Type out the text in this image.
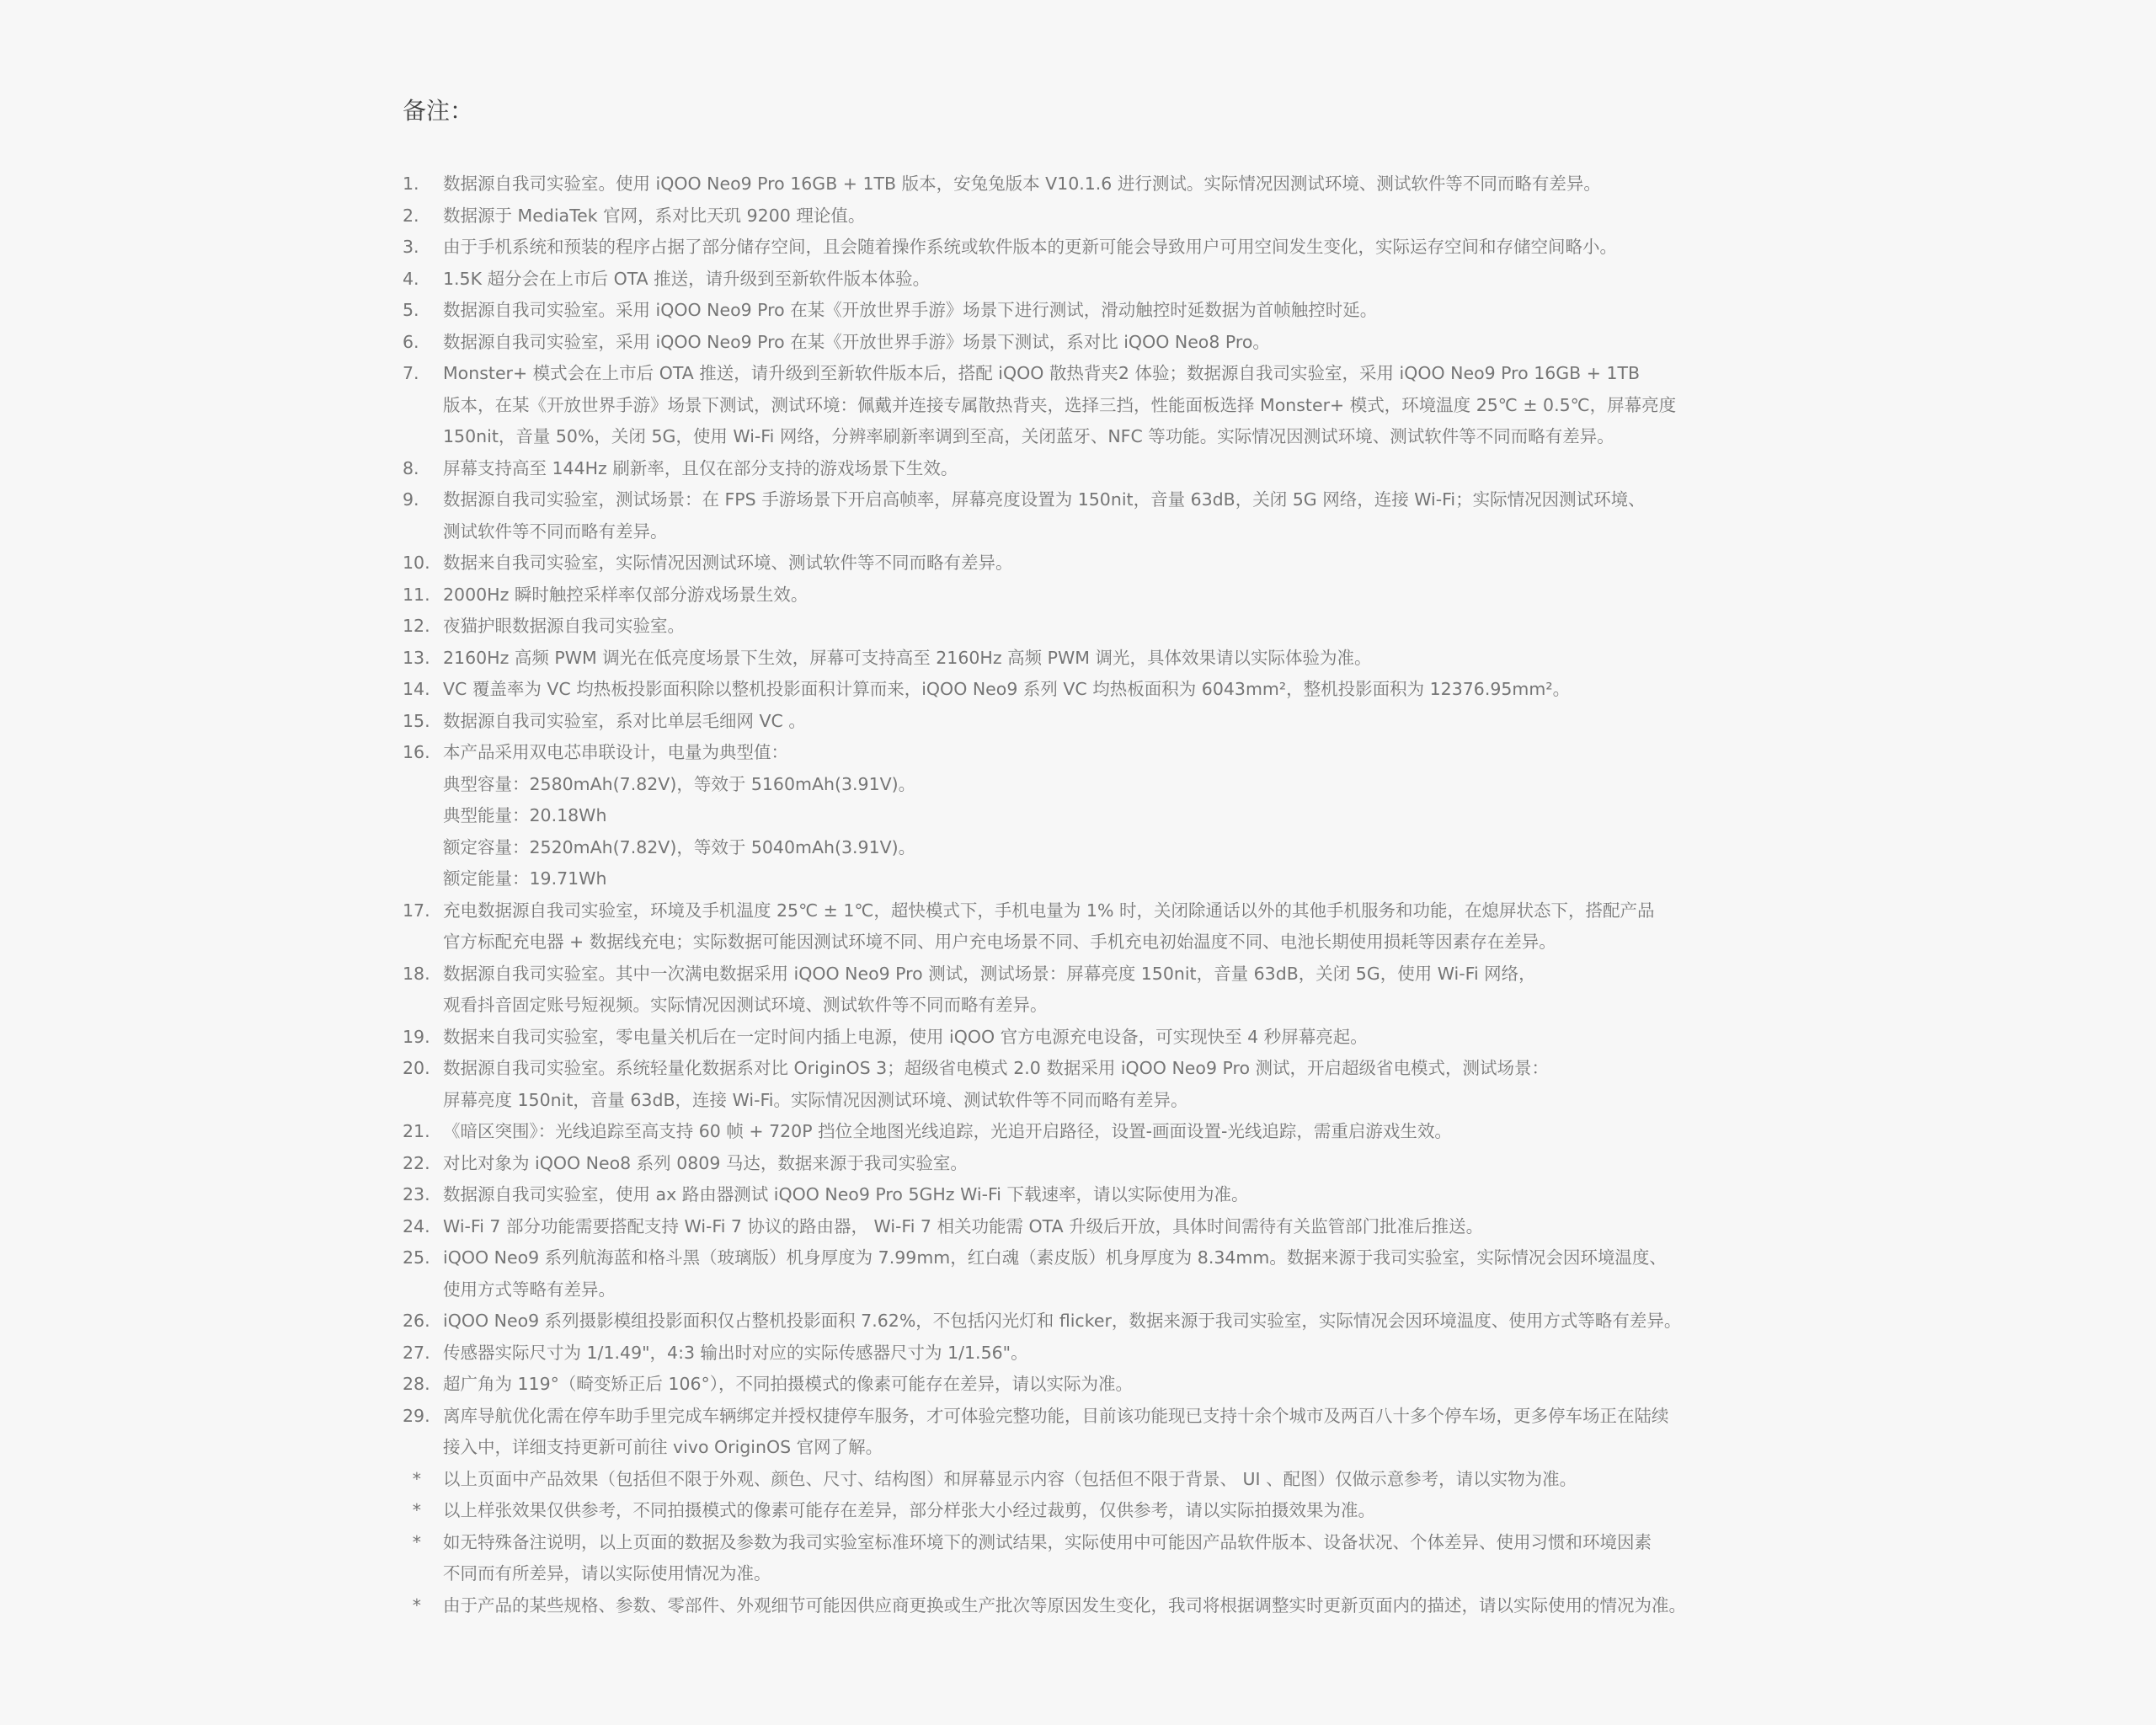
备注：
1.	数据源自我司实验室。使用 iQOO Neo9 Pro 16GB + 1TB 版本，安兔兔版本 V10.1.6 进行测试。实际情况因测试环境、测试软件等不同而略有差异。
2.	数据源于 MediaTek 官网，系对比天玑 9200 理论值。
3.	由于手机系统和预装的程序占据了部分储存空间，且会随着操作系统或软件版本的更新可能会导致用户可用空间发生变化，实际运存空间和存储空间略小。
4.	1.5K 超分会在上市后 OTA 推送，请升级到至新软件版本体验。
5.	数据源自我司实验室。采用 iQOO Neo9 Pro 在某《开放世界手游》场景下进行测试，滑动触控时延数据为首帧触控时延。
6.	数据源自我司实验室，采用 iQOO Neo9 Pro 在某《开放世界手游》场景下测试，系对比 iQOO Neo8 Pro。
7.	Monster+ 模式会在上市后 OTA 推送，请升级到至新软件版本后，搭配 iQOO 散热背夹2 体验；数据源自我司实验室，采用 iQOO Neo9 Pro 16GB + 1TB
版本，在某《开放世界手游》场景下测试，测试环境：佩戴并连接专属散热背夹，选择三挡，性能面板选择 Monster+ 模式，环境温度 25℃ ± 0.5℃，屏幕亮度
150nit，音量 50%，关闭 5G，使用 Wi-Fi 网络，分辨率刷新率调到至高，关闭蓝牙、NFC 等功能。实际情况因测试环境、测试软件等不同而略有差异。
8.	屏幕支持高至 144Hz 刷新率，且仅在部分支持的游戏场景下生效。
9.	数据源自我司实验室，测试场景：在 FPS 手游场景下开启高帧率，屏幕亮度设置为 150nit，音量 63dB，关闭 5G 网络，连接 Wi-Fi；实际情况因测试环境、
测试软件等不同而略有差异。
10. 数据来自我司实验室，实际情况因测试环境、测试软件等不同而略有差异。
11. 2000Hz 瞬时触控采样率仅部分游戏场景生效。
12. 夜猫护眼数据源自我司实验室。
13. 2160Hz 高频 PWM 调光在低亮度场景下生效，屏幕可支持高至 2160Hz 高频 PWM 调光，具体效果请以实际体验为准。
14. VC 覆盖率为 VC 均热板投影面积除以整机投影面积计算而来，iQOO Neo9 系列 VC 均热板面积为 6043mm²，整机投影面积为 12376.95mm²。
15. 数据源自我司实验室，系对比单层毛细网 VC 。
16. 本产品采用双电芯串联设计，电量为典型值：
典型容量：2580mAh(7.82V)，等效于 5160mAh(3.91V)。
典型能量：20.18Wh
额定容量：2520mAh(7.82V)，等效于 5040mAh(3.91V)。
额定能量：19.71Wh
17. 充电数据源自我司实验室，环境及手机温度 25℃ ± 1℃，超快模式下，手机电量为 1% 时，关闭除通话以外的其他手机服务和功能，在熄屏状态下，搭配产品
官方标配充电器 + 数据线充电；实际数据可能因测试环境不同、用户充电场景不同、手机充电初始温度不同、电池长期使用损耗等因素存在差异。
18. 数据源自我司实验室。其中一次满电数据采用 iQOO Neo9 Pro 测试，测试场景：屏幕亮度 150nit，音量 63dB，关闭 5G，使用 Wi-Fi 网络，
观看抖音固定账号短视频。实际情况因测试环境、测试软件等不同而略有差异。
19. 数据来自我司实验室，零电量关机后在一定时间内插上电源，使用 iQOO 官方电源充电设备，可实现快至 4 秒屏幕亮起。
20. 数据源自我司实验室。系统轻量化数据系对比 OriginOS 3；超级省电模式 2.0 数据采用 iQOO Neo9 Pro 测试，开启超级省电模式，测试场景：
屏幕亮度 150nit，音量 63dB，连接 Wi-Fi。实际情况因测试环境、测试软件等不同而略有差异。
21. 《暗区突围》：光线追踪至高支持 60 帧 + 720P 挡位全地图光线追踪，光追开启路径，设置-画面设置-光线追踪，需重启游戏生效。
22. 对比对象为 iQOO Neo8 系列 0809 马达，数据来源于我司实验室。
23. 数据源自我司实验室，使用 ax 路由器测试 iQOO Neo9 Pro 5GHz Wi-Fi 下载速率，请以实际使用为准。
24. Wi-Fi 7 部分功能需要搭配支持 Wi-Fi 7 协议的路由器， Wi-Fi 7 相关功能需 OTA 升级后开放，具体时间需待有关监管部门批准后推送。
25. iQOO Neo9 系列航海蓝和格斗黑（玻璃版）机身厚度为 7.99mm，红白魂（素皮版）机身厚度为 8.34mm。数据来源于我司实验室，实际情况会因环境温度、
使用方式等略有差异。
26. iQOO Neo9 系列摄影模组投影面积仅占整机投影面积 7.62%，不包括闪光灯和 flicker，数据来源于我司实验室，实际情况会因环境温度、使用方式等略有差异。
27. 传感器实际尺寸为 1/1.49"，4:3 输出时对应的实际传感器尺寸为 1/1.56"。
28. 超广角为 119°（畸变矫正后 106°），不同拍摄模式的像素可能存在差异，请以实际为准。
29. 离库导航优化需在停车助手里完成车辆绑定并授权捷停车服务，才可体验完整功能，目前该功能现已支持十余个城市及两百八十多个停车场，更多停车场正在陆续
接入中，详细支持更新可前往 vivo OriginOS 官网了解。
*	以上页面中产品效果（包括但不限于外观、颜色、尺寸、结构图）和屏幕显示内容（包括但不限于背景、 UI 、配图）仅做示意参考，请以实物为准。
*	以上样张效果仅供参考，不同拍摄模式的像素可能存在差异，部分样张大小经过裁剪，仅供参考，请以实际拍摄效果为准。
*	如无特殊备注说明，以上页面的数据及参数为我司实验室标准环境下的测试结果，实际使用中可能因产品软件版本、设备状况、个体差异、使用习惯和环境因素
不同而有所差异，请以实际使用情况为准。
*	由于产品的某些规格、参数、零部件、外观细节可能因供应商更换或生产批次等原因发生变化，我司将根据调整实时更新页面内的描述，请以实际使用的情况为准。
